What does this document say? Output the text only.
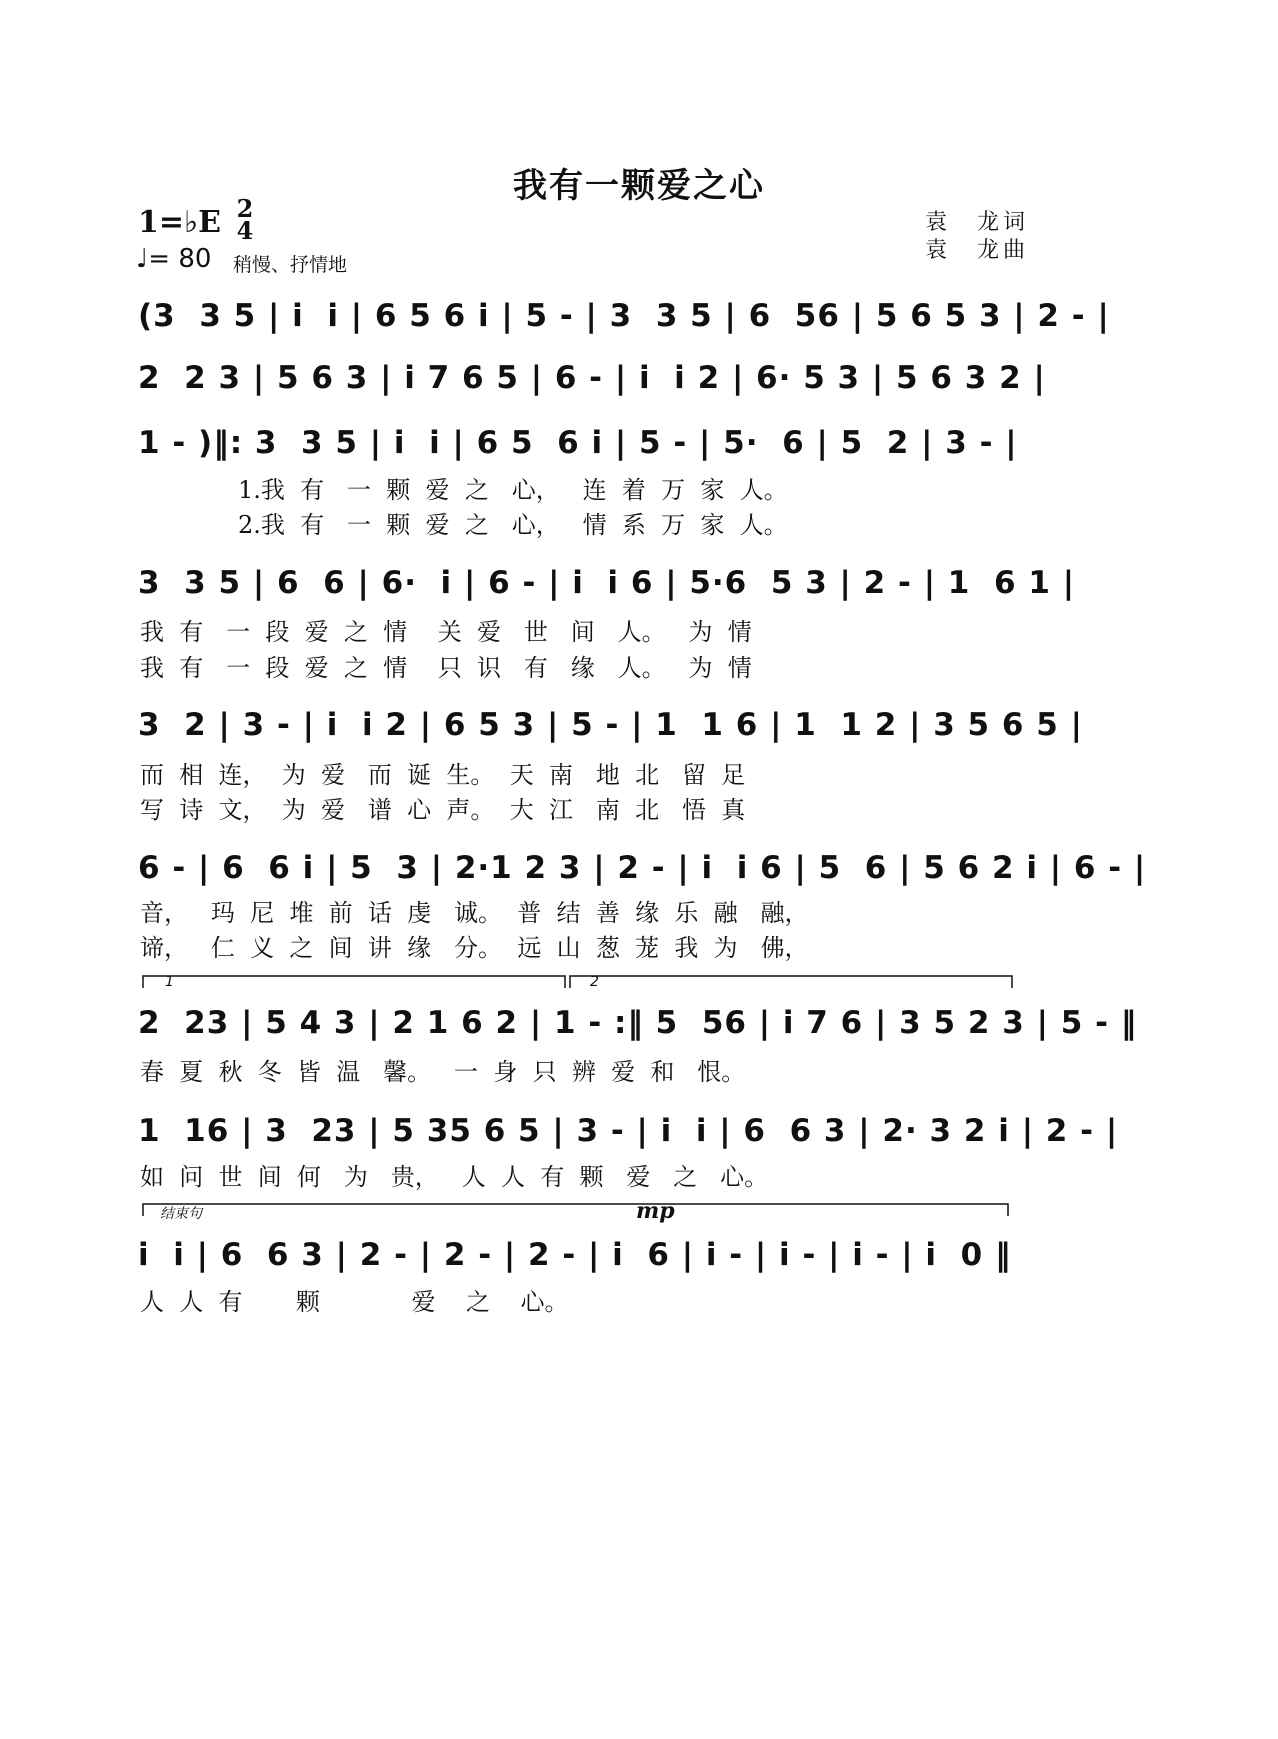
我有一颗爱之心
1=♭E 2
4
♩= 80 稍慢、抒情地
袁　龙词
袁　龙曲
(3  3 5 | i  i | 6 5 6 i | 5 - | 3  3 5 | 6  56 | 5 6 5 3 | 2 - |
2  2 3 | 5 6 3 | i 7 6 5 | 6 - | i  i 2 | 6· 5 3 | 5 6 3 2 |
1 - )‖: 3  3 5 | i  i | 6 5  6 i | 5 - | 5·  6 | 5  2 | 3 - |
1.我  有   一  颗  爱  之   心，   连  着  万  家  人。
2.我  有   一  颗  爱  之   心，   情  系  万  家  人。
3  3 5 | 6  6 | 6·  i | 6 - | i  i 6 | 5·6  5 3 | 2 - | 1  6 1 |
我  有   一  段  爱  之  情    关  爱   世   间   人。   为  情
我  有   一  段  爱  之  情    只  识   有   缘   人。   为  情
3  2 | 3 - | i  i 2 | 6 5 3 | 5 - | 1  1 6 | 1  1 2 | 3 5 6 5 |
而  相  连，  为  爱   而  诞  生。  天  南   地  北   留  足
写  诗  文，  为  爱   谱  心  声。  大  江   南  北   悟  真
6 - | 6  6 i | 5  3 | 2·1 2 3 | 2 - | i  i 6 | 5  6 | 5 6 2 i | 6 - |
音，   玛  尼  堆  前  话  虔   诚。  普  结  善  缘  乐  融   融，
谛，   仁  义  之  间  讲  缘   分。  远  山  葱  茏  我  为   佛，
1	2
2  23 | 5 4 3 | 2 1 6 2 | 1 - :‖ 5  56 | i 7 6 | 3 5 2 3 | 5 - ‖
春  夏  秋  冬  皆  温   馨。   一  身  只  辨  爱  和   恨。
1  16 | 3  23 | 5 35 6 5 | 3 - | i  i | 6  6 3 | 2· 3 2 i | 2 - |
如  问  世  间  何   为   贵，   人  人  有  颗   爱   之   心。
结束句	mp
i  i | 6  6 3 | 2 - | 2 - | 2 - | i  6 | i - | i - | i - | i  0 ‖
人  人  有       颗            爱    之    心。
